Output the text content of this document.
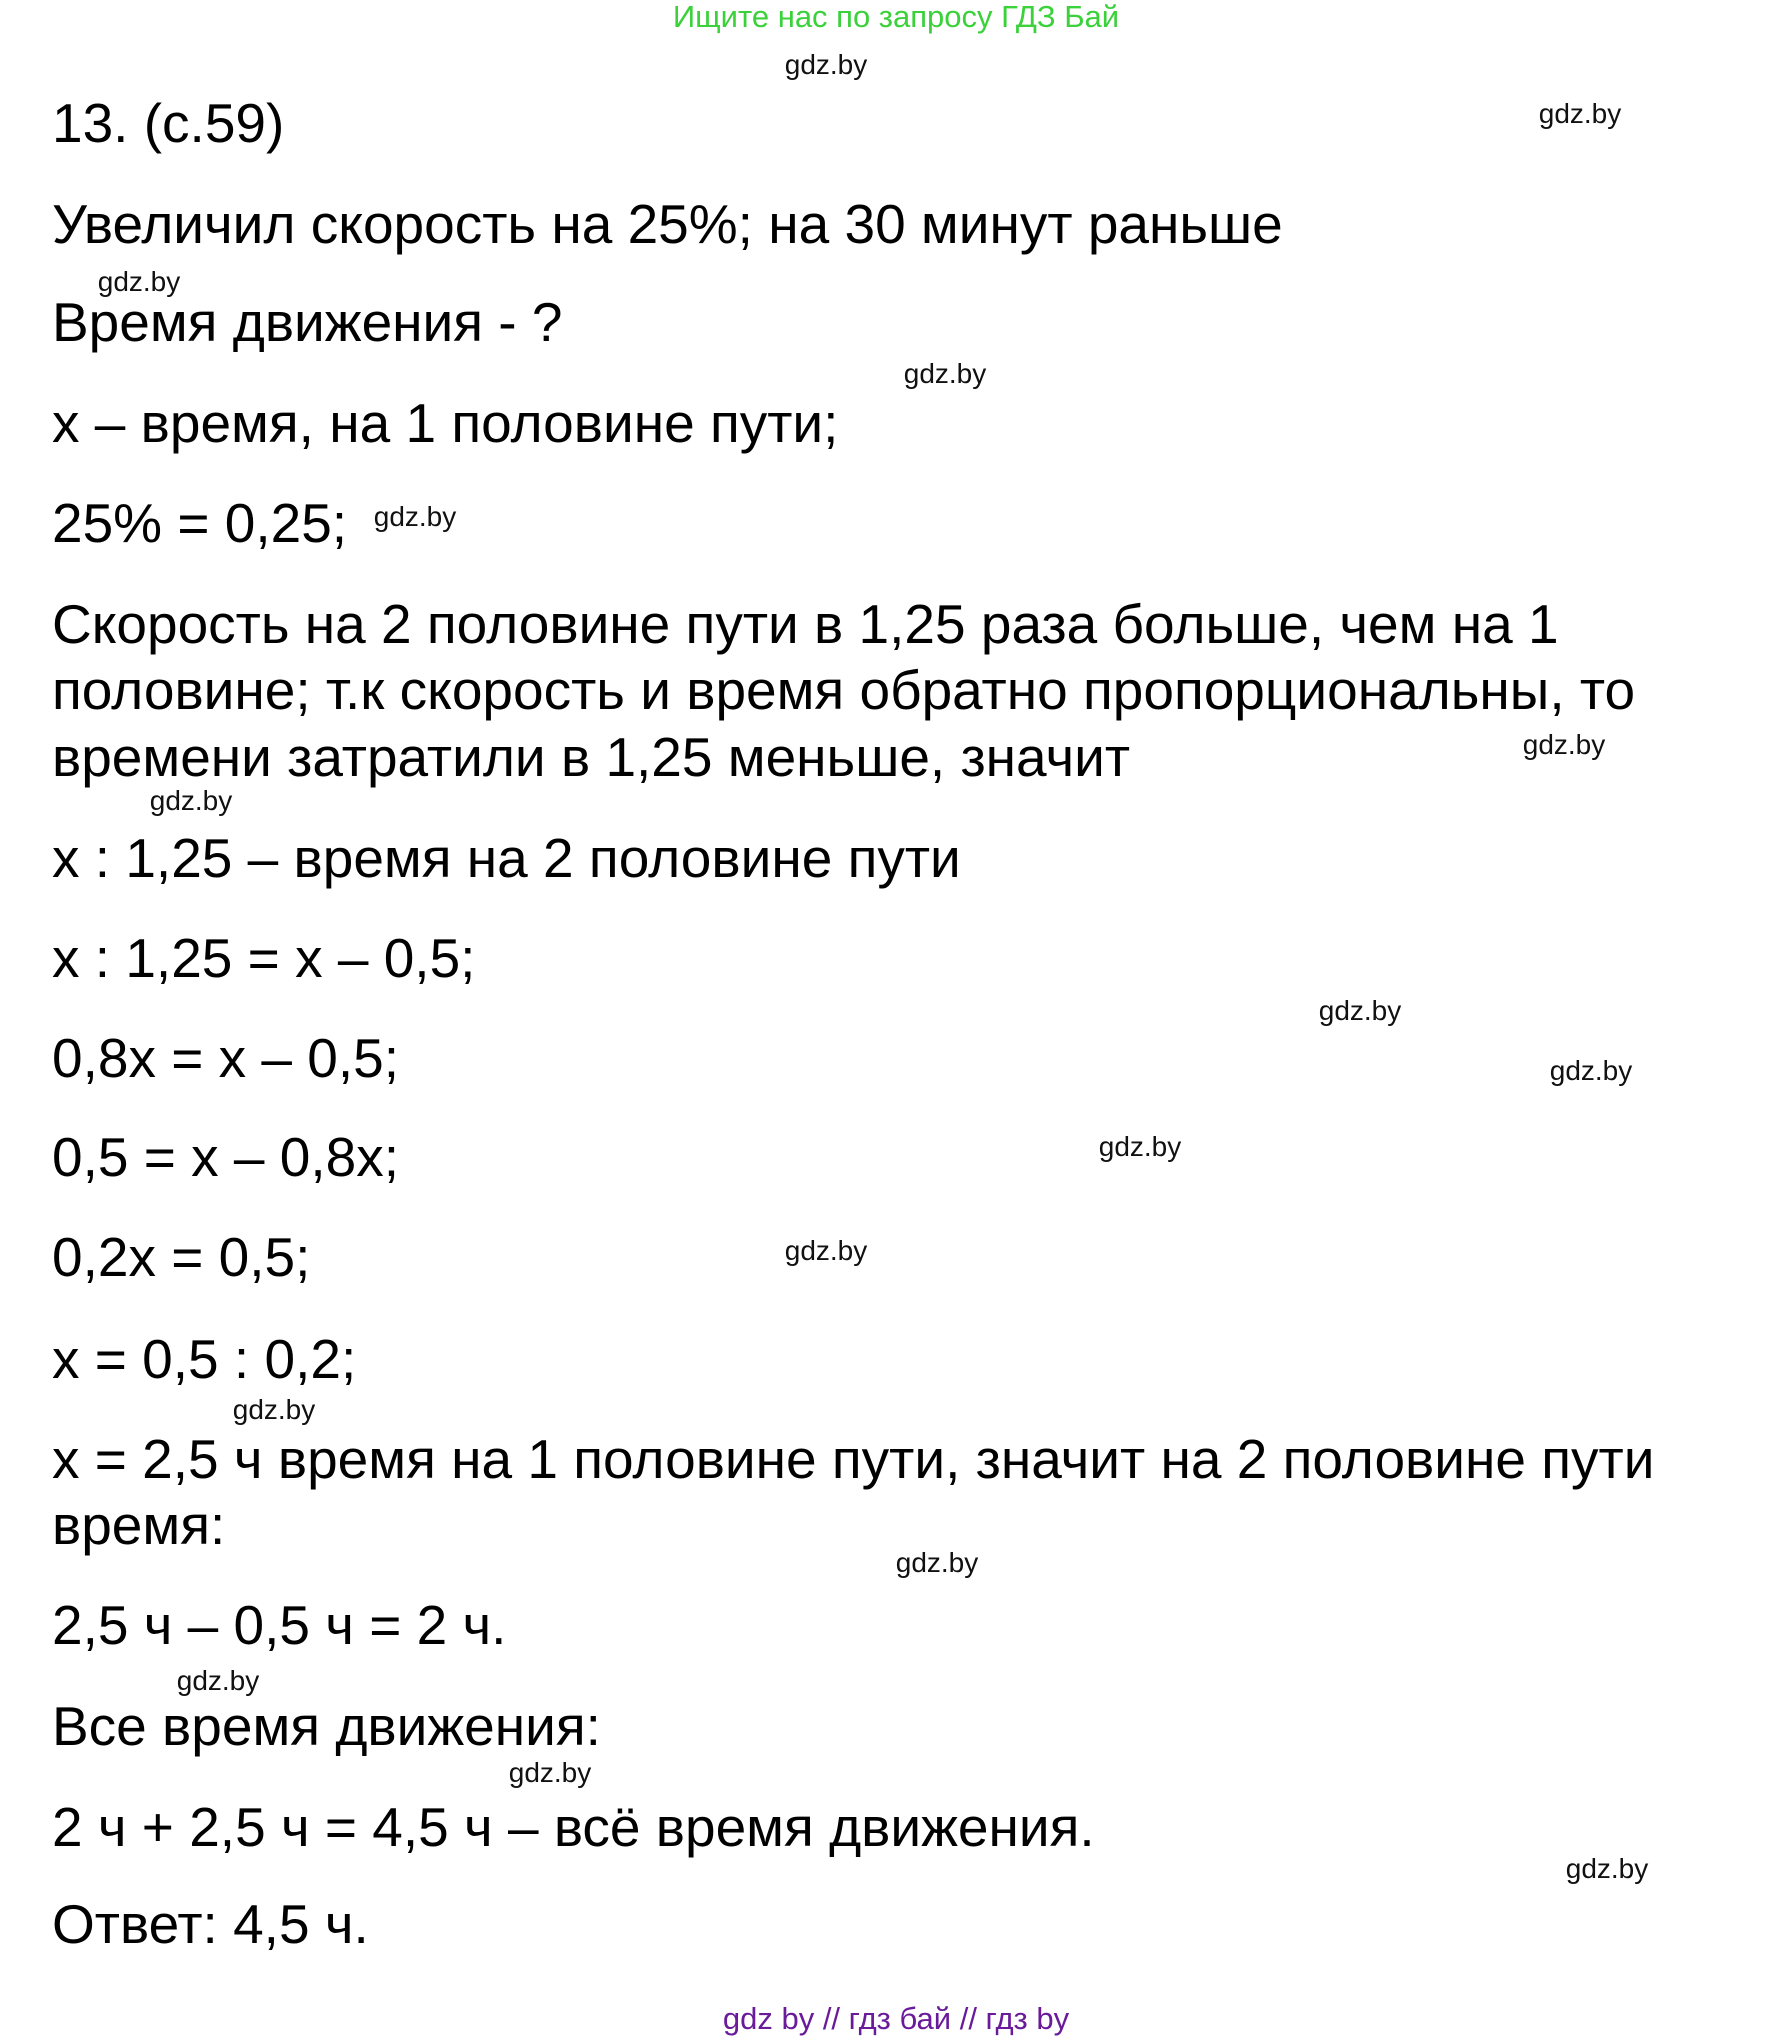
Ищите нас по запросу ГДЗ Бай
13. (с.59)
Увеличил скорость на 25%; на 30 минут раньше
Время движения - ?
x – время, на 1 половине пути;
25% = 0,25;
Скорость на 2 половине пути в 1,25 раза больше, чем на 1
половине; т.к скорость и время обратно пропорциональны, то
времени затратили в 1,25 меньше, значит
x : 1,25 – время на 2 половине пути
x : 1,25 = x – 0,5;
0,8x = x – 0,5;
0,5 = x – 0,8x;
0,2x = 0,5;
x = 0,5 : 0,2;
x = 2,5 ч время на 1 половине пути, значит на 2 половине пути
время:
2,5 ч – 0,5 ч = 2 ч.
Все время движения:
2 ч + 2,5 ч = 4,5 ч – всё время движения.
Ответ: 4,5 ч.
gdz.by
gdz.by
gdz.by
gdz.by
gdz.by
gdz.by
gdz.by
gdz.by
gdz.by
gdz.by
gdz.by
gdz.by
gdz.by
gdz.by
gdz.by
gdz.by
gdz by // гдз бай // гдз by
